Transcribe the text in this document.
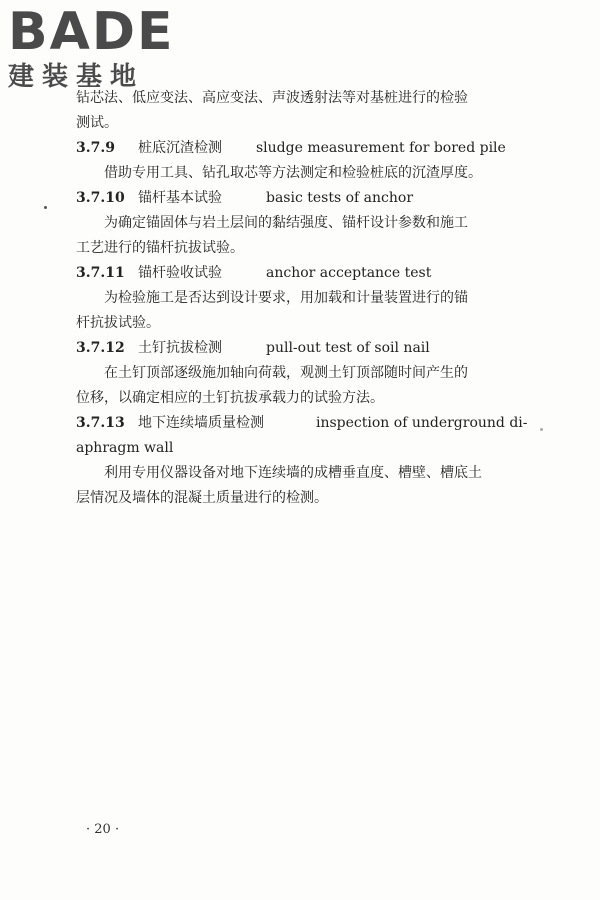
BADE
建装基地
钻芯法、低应变法、高应变法、声波透射法等对基桩进行的检验
测试。
3.7.9 桩底沉渣检测 sludge measurement for bored pile
借助专用工具、钻孔取芯等方法测定和检验桩底的沉渣厚度。
3.7.10 锚杆基本试验	basic tests of anchor
为确定锚固体与岩土层间的黏结强度、锚杆设计参数和施工
工艺进行的锚杆抗拔试验。
3.7.11 锚杆验收试验	anchor acceptance test
为检验施工是否达到设计要求，用加载和计量装置进行的锚
杆抗拔试验。
3.7.12 土钉抗拔检测	pull-out test of soil nail
在土钉顶部逐级施加轴向荷载，观测土钉顶部随时间产生的
位移，以确定相应的土钉抗拔承载力的试验方法。
3.7.13 地下连续墙质量检测	inspection of underground di-
aphragm wall
利用专用仪器设备对地下连续墙的成槽垂直度、槽壁、槽底土
层情况及墙体的混凝土质量进行的检测。
· 20 ·
